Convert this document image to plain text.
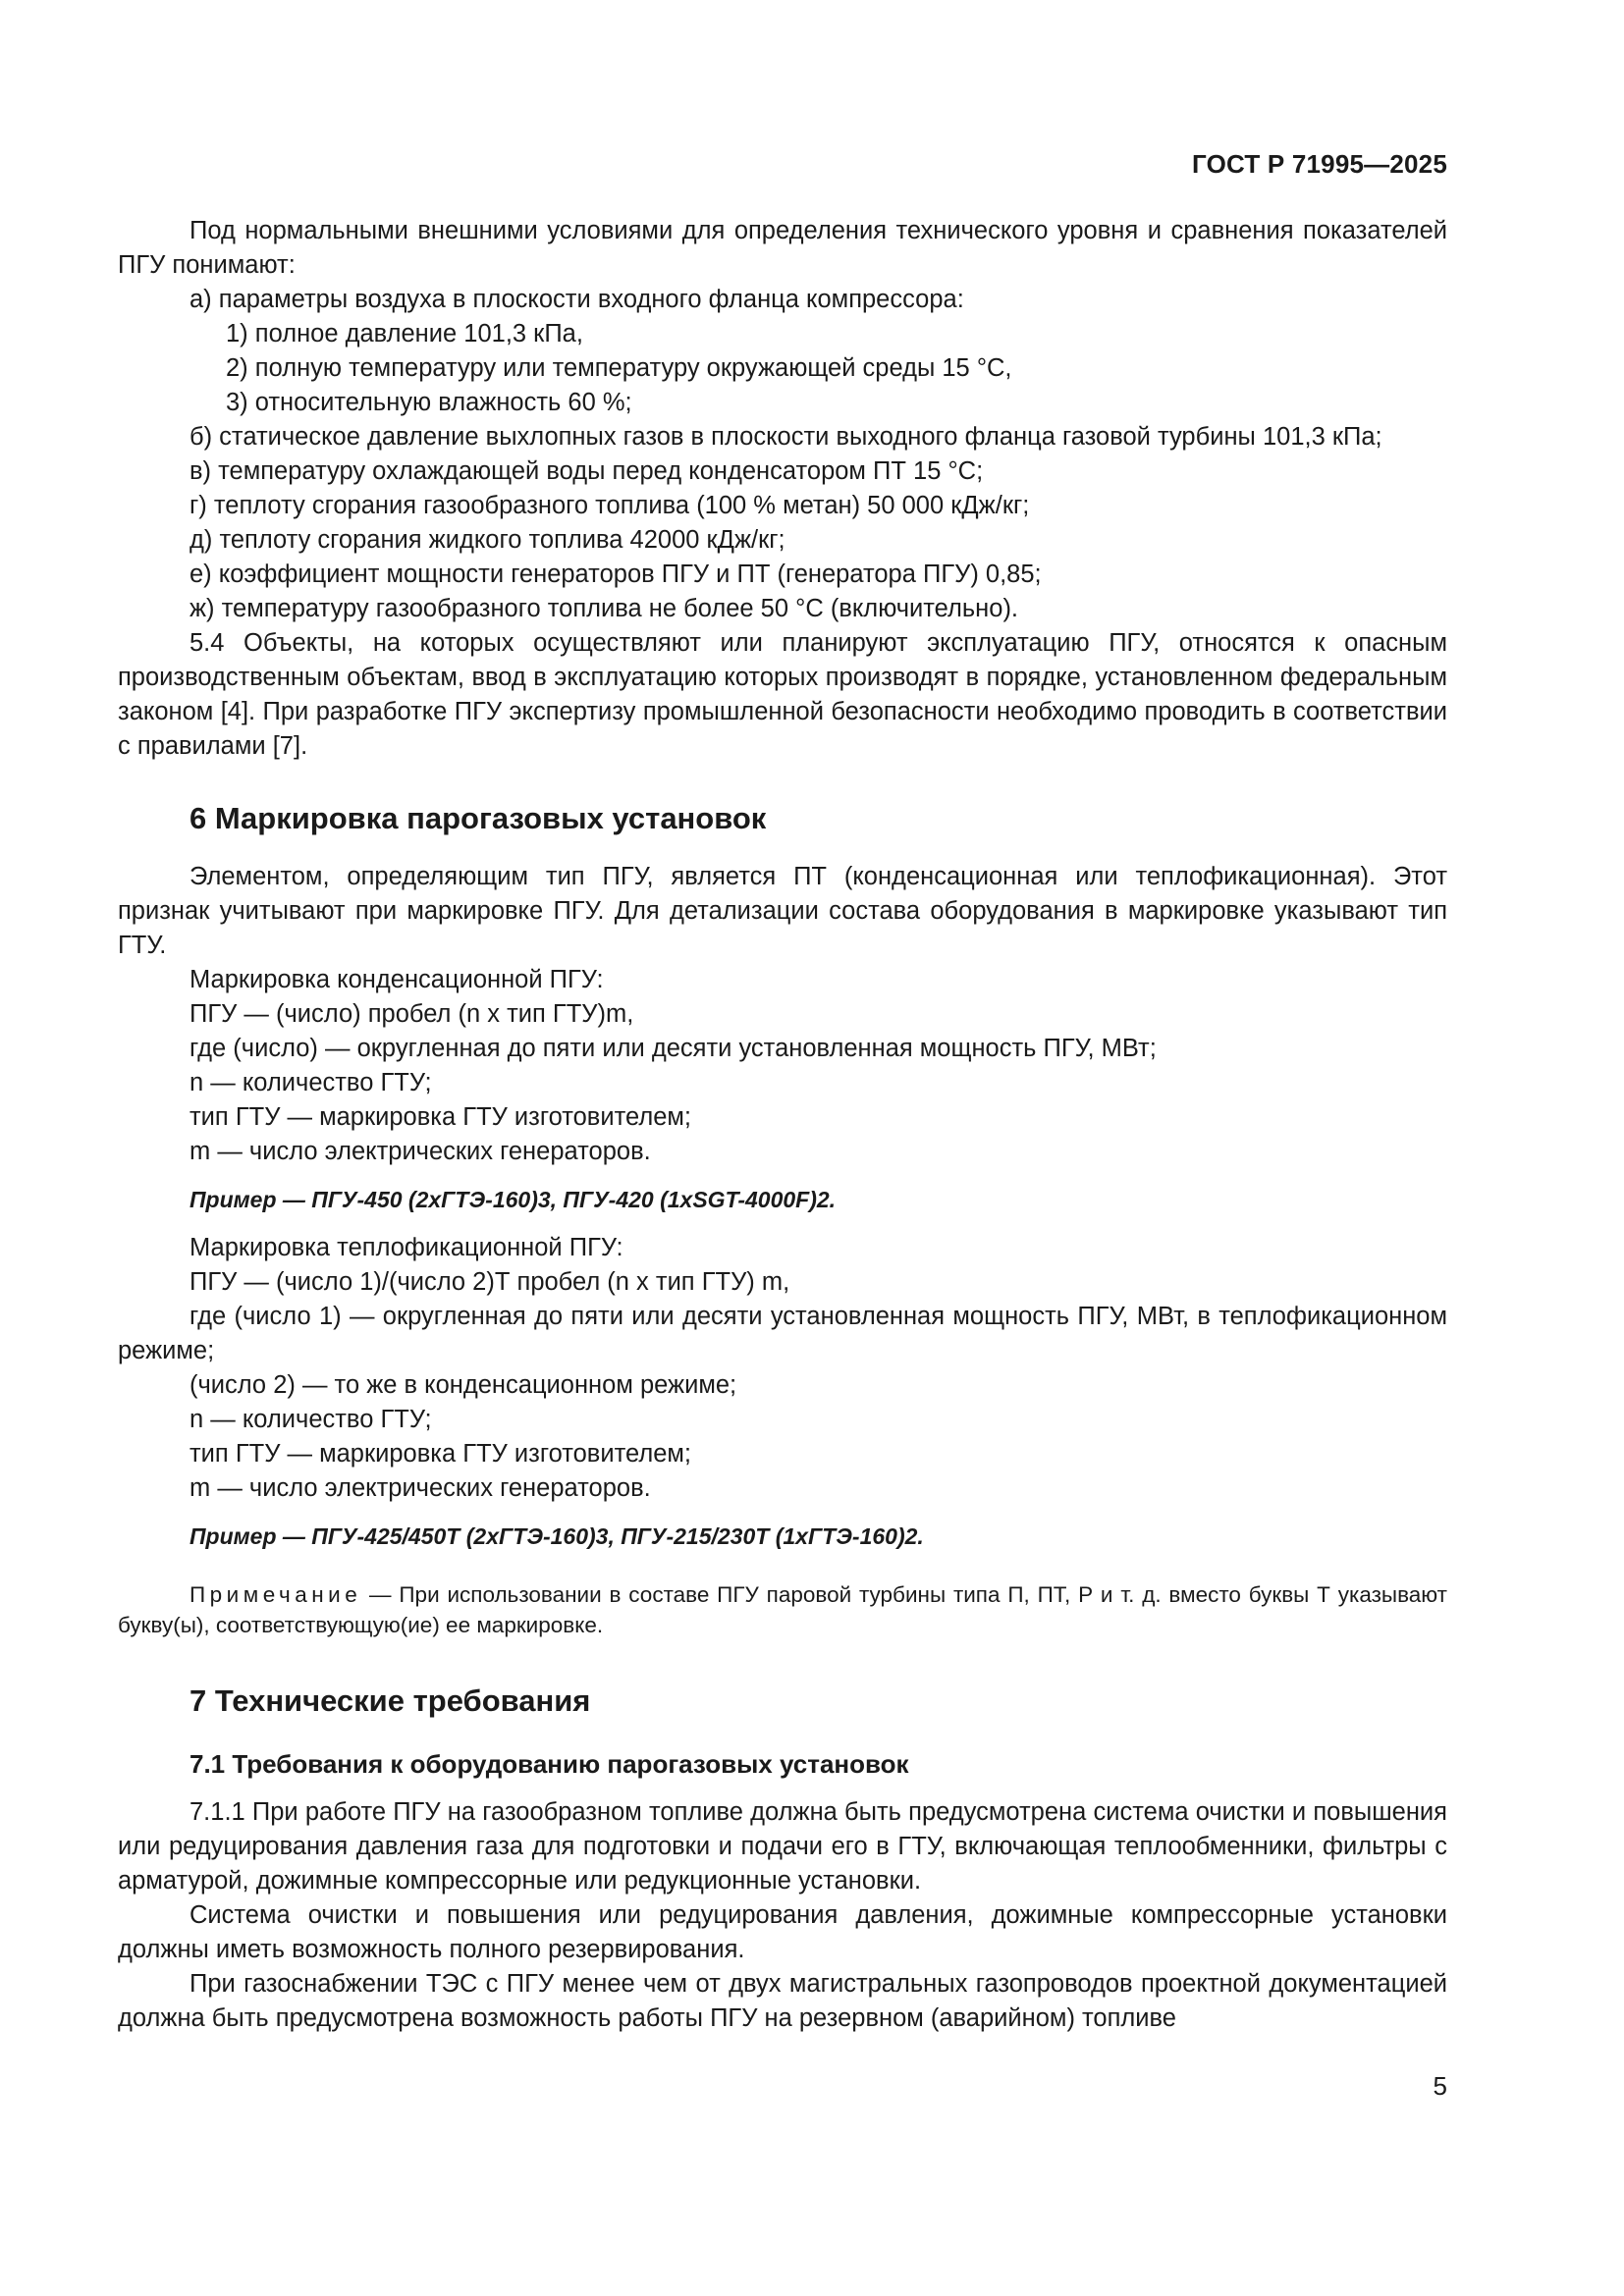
ГОСТ Р 71995—2025

Под нормальными внешними условиями для определения технического уровня и сравнения показателей ПГУ понимают:

а) параметры воздуха в плоскости входного фланца компрессора:

1) полное давление 101,3 кПа,

2) полную температуру или температуру окружающей среды 15 °С,

3) относительную влажность 60 %;

б) статическое давление выхлопных газов в плоскости выходного фланца газовой турбины 101,3 кПа;

в) температуру охлаждающей воды перед конденсатором ПТ 15 °С;

г) теплоту сгорания газообразного топлива (100 % метан) 50 000 кДж/кг;

д) теплоту сгорания жидкого топлива 42000 кДж/кг;

е) коэффициент мощности генераторов ПГУ и ПТ (генератора ПГУ) 0,85;

ж) температуру газообразного топлива не более 50 °С (включительно).

5.4 Объекты, на которых осуществляют или планируют эксплуатацию ПГУ, относятся к опасным производственным объектам, ввод в эксплуатацию которых производят в порядке, установленном федеральным законом [4]. При разработке ПГУ экспертизу промышленной безопасности необходимо проводить в соответствии с правилами [7].

6 Маркировка парогазовых установок

Элементом, определяющим тип ПГУ, является ПТ (конденсационная или теплофикационная). Этот признак учитывают при маркировке ПГУ. Для детализации состава оборудования в маркировке указывают тип ГТУ.

Маркировка конденсационной ПГУ:

ПГУ — (число) пробел (n х тип ГТУ)m,

где (число) — округленная до пяти или десяти установленная мощность ПГУ, МВт;

n — количество ГТУ;

тип ГТУ — маркировка ГТУ изготовителем;

m — число электрических генераторов.

Пример — ПГУ-450 (2хГТЭ-160)3, ПГУ-420 (1хSGT-4000F)2.

Маркировка теплофикационной ПГУ:

ПГУ — (число 1)/(число 2)Т пробел (n х тип ГТУ) m,

где (число 1) — округленная до пяти или десяти установленная мощность ПГУ, МВт, в теплофикационном режиме;

(число 2) — то же в конденсационном режиме;

n — количество ГТУ;

тип ГТУ — маркировка ГТУ изготовителем;

m — число электрических генераторов.

Пример — ПГУ-425/450Т (2хГТЭ-160)3, ПГУ-215/230Т (1хГТЭ-160)2.

Примечание — При использовании в составе ПГУ паровой турбины типа П, ПТ, Р и т. д. вместо буквы Т указывают букву(ы), соответствующую(ие) ее маркировке.

7 Технические требования
7.1 Требования к оборудованию парогазовых установок

7.1.1 При работе ПГУ на газообразном топливе должна быть предусмотрена система очистки и повышения или редуцирования давления газа для подготовки и подачи его в ГТУ, включающая теплообменники, фильтры с арматурой, дожимные компрессорные или редукционные установки.

Система очистки и повышения или редуцирования давления, дожимные компрессорные установки должны иметь возможность полного резервирования.

При газоснабжении ТЭС с ПГУ менее чем от двух магистральных газопроводов проектной документацией должна быть предусмотрена возможность работы ПГУ на резервном (аварийном) топливе

5
